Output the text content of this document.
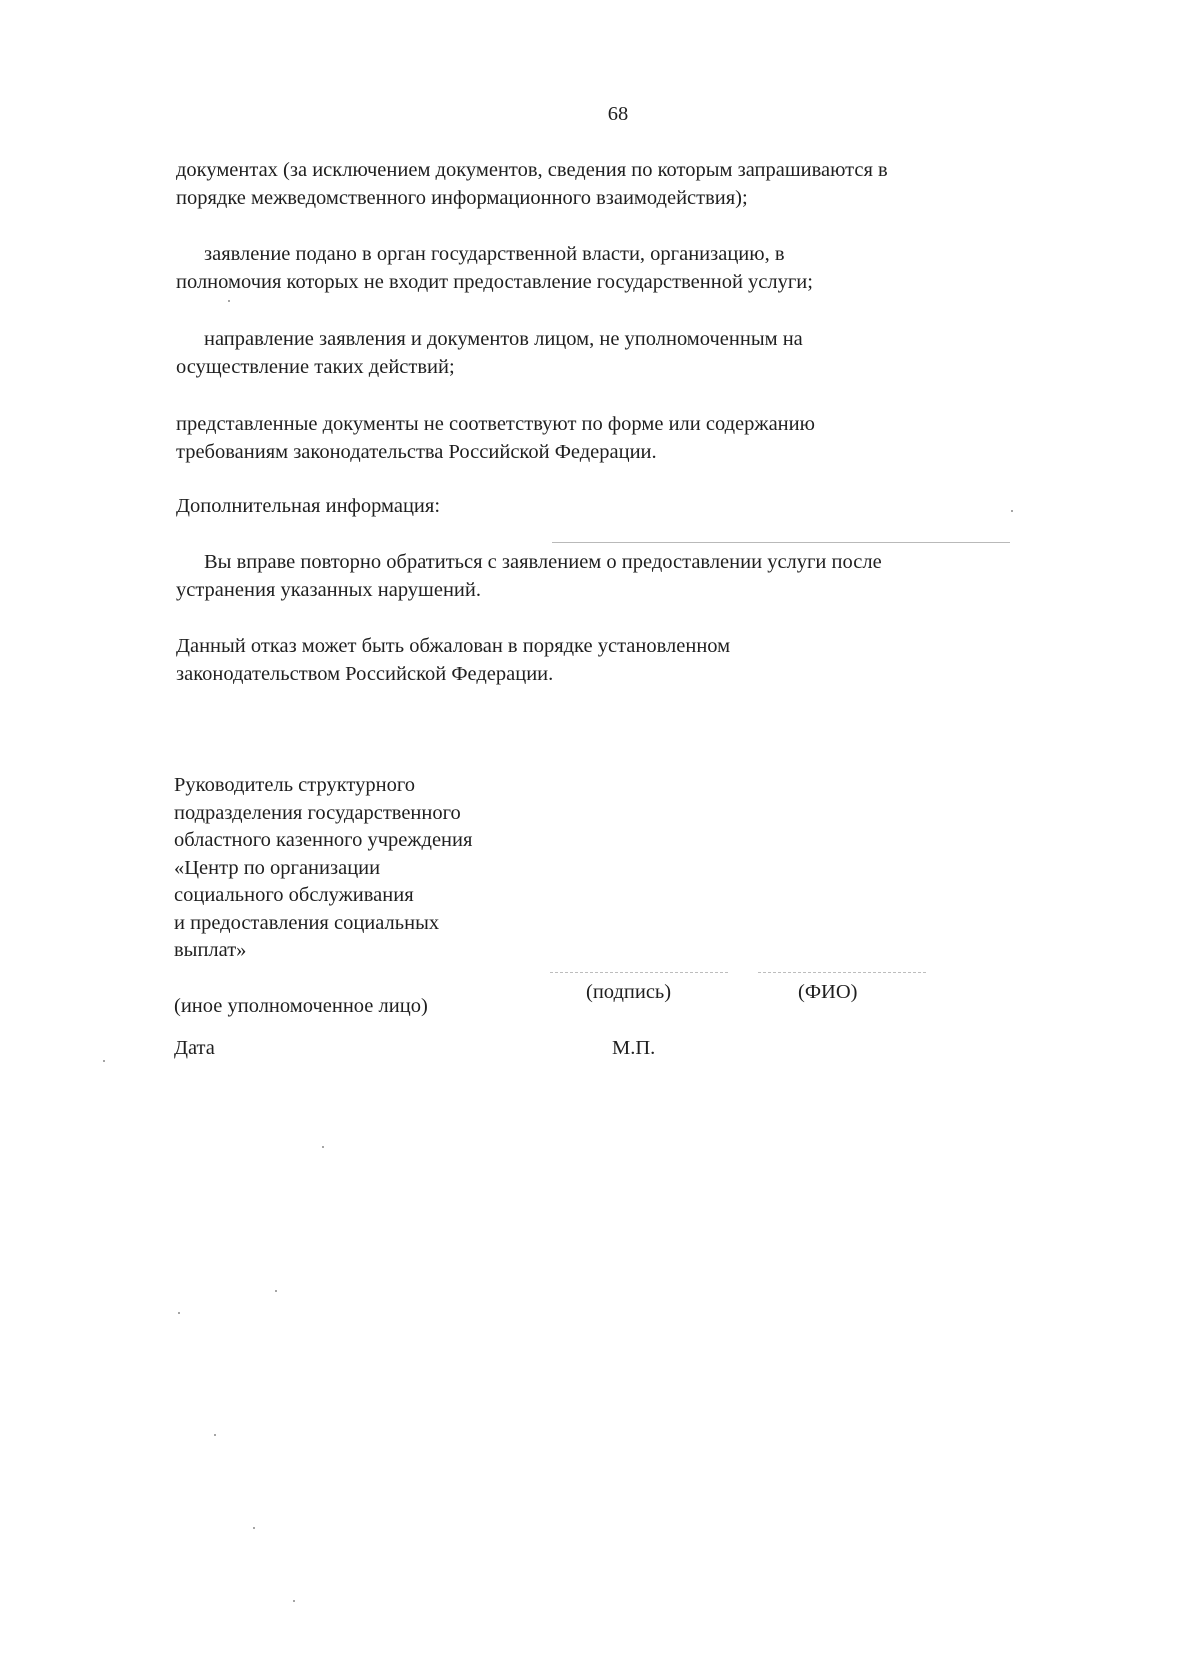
68
документах (за исключением документов, сведения по которым запрашиваются в
порядке межведомственного информационного взаимодействия);
заявление подано в орган государственной власти, организацию, в
полномочия которых не входит предоставление государственной услуги;
направление заявления и документов лицом, не уполномоченным на
осуществление таких действий;
представленные документы не соответствуют по форме или содержанию
требованиям законодательства Российской Федерации.
Дополнительная информация:
Вы вправе повторно обратиться с заявлением о предоставлении услуги после
устранения указанных нарушений.
Данный отказ может быть обжалован в порядке установленном
законодательством Российской Федерации.
Руководитель структурного
подразделения государственного
областного казенного учреждения
«Центр по организации
социального обслуживания
и предоставления социальных
выплат»
(подпись)	(ФИО)
(иное уполномоченное лицо)
Дата	М.П.
